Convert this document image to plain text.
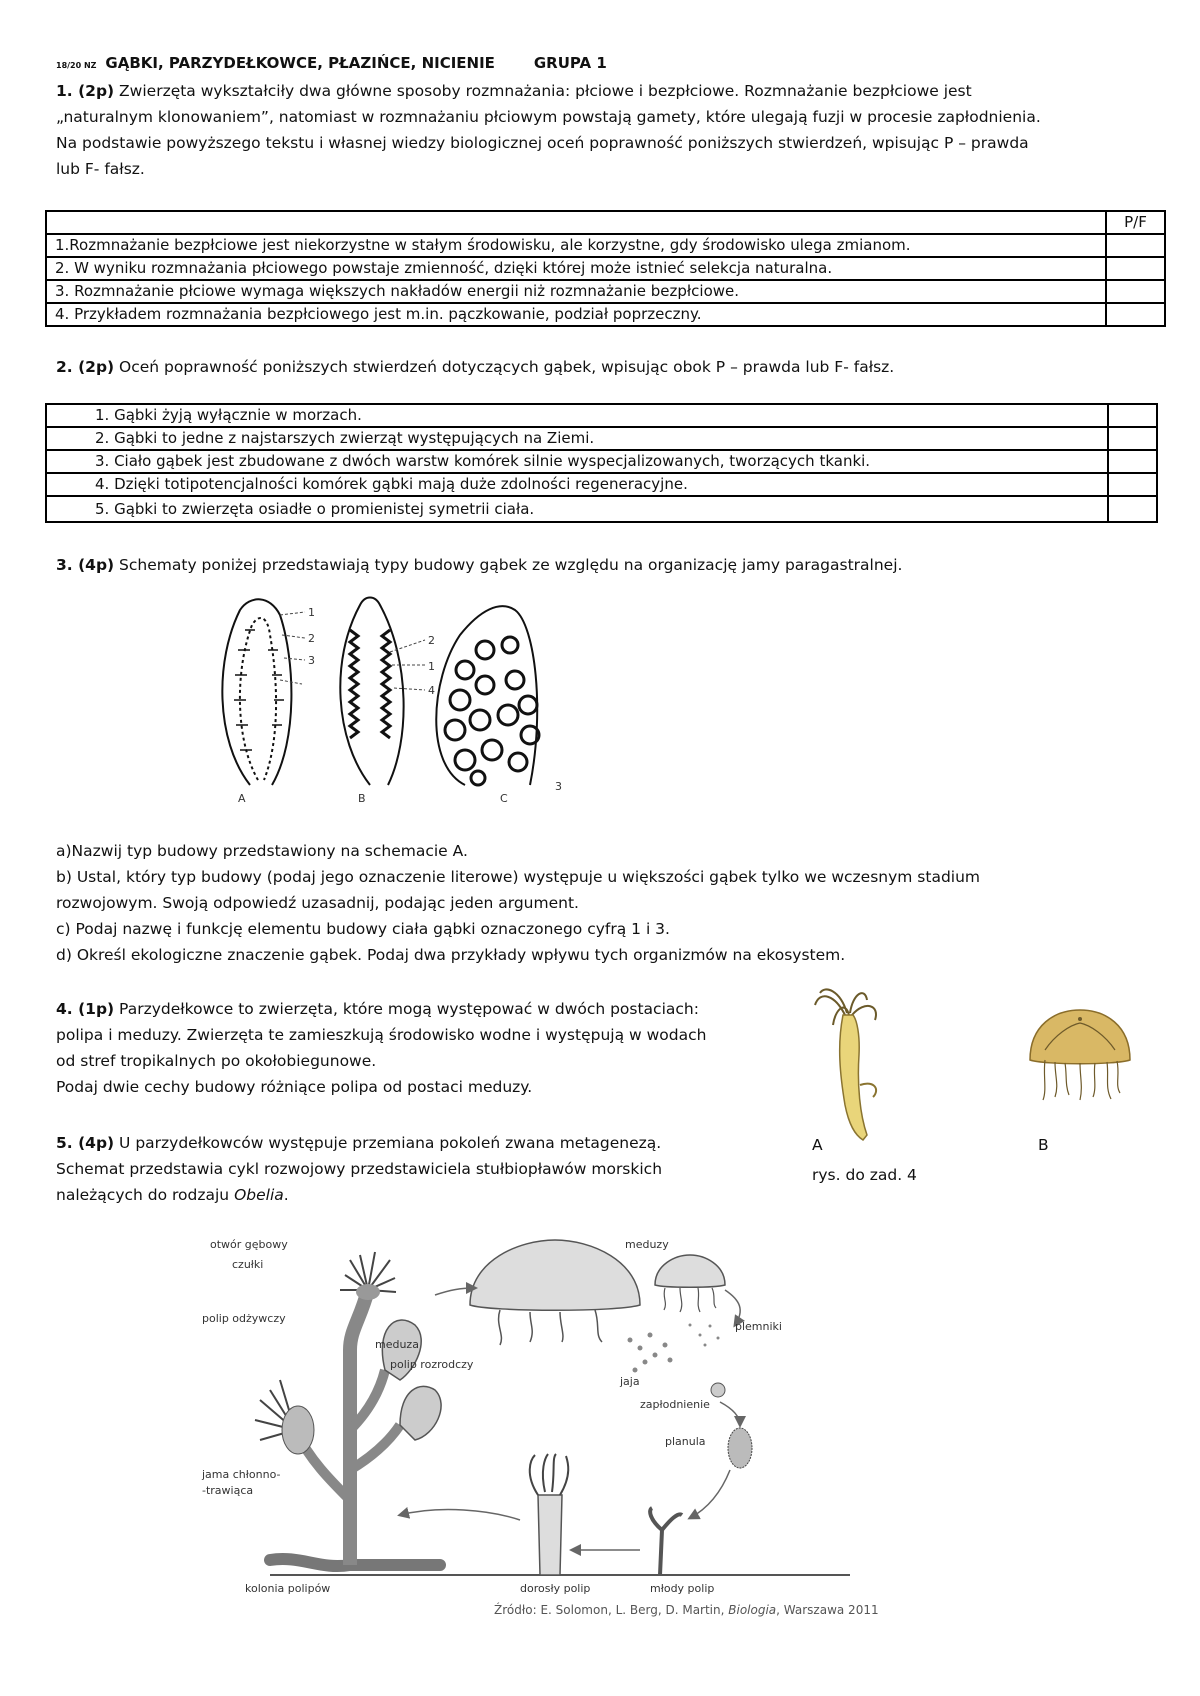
18/20 NZ GĄBKI, PARZYDEŁKOWCE, PŁAZIŃCE, NICIENIE	GRUPA 1
1. (2p) Zwierzęta wykształciły dwa główne sposoby rozmnażania: płciowe i bezpłciowe. Rozmnażanie bezpłciowe jest
„naturalnym klonowaniem”, natomiast w rozmnażaniu płciowym powstają gamety, które ulegają fuzji w procesie zapłodnienia.
Na podstawie powyższego tekstu i własnej wiedzy biologicznej oceń poprawność poniższych stwierdzeń, wpisując P – prawda
lub F- fałsz.
	P/F
1.Rozmnażanie bezpłciowe jest niekorzystne w stałym środowisku, ale korzystne, gdy środowisko ulega zmianom.	
2. W wyniku rozmnażania płciowego powstaje zmienność, dzięki której może istnieć selekcja naturalna.	
3. Rozmnażanie płciowe wymaga większych nakładów energii niż rozmnażanie bezpłciowe.	
4. Przykładem rozmnażania bezpłciowego jest m.in. pączkowanie, podział poprzeczny.	
2. (2p) Oceń poprawność poniższych stwierdzeń dotyczących gąbek, wpisując obok P – prawda lub F- fałsz.
1. Gąbki żyją wyłącznie w morzach.	
2. Gąbki to jedne z najstarszych zwierząt występujących na Ziemi.	
3. Ciało gąbek jest zbudowane z dwóch warstw komórek silnie wyspecjalizowanych, tworzących tkanki.	
4. Dzięki totipotencjalności komórek gąbki mają duże zdolności regeneracyjne.	
5. Gąbki to zwierzęta osiadłe o promienistej symetrii ciała.	
3. (4p) Schematy poniżej przedstawiają typy budowy gąbek ze względu na organizację jamy paragastralnej.
1
2
3
4
1
2
3
A	B	C
a)Nazwij typ budowy przedstawiony na schemacie A.
b) Ustal, który typ budowy (podaj jego oznaczenie literowe) występuje u większości gąbek tylko we wczesnym stadium
rozwojowym. Swoją odpowiedź uzasadnij, podając jeden argument.
c) Podaj nazwę i funkcję elementu budowy ciała gąbki oznaczonego cyfrą 1 i 3.
d) Określ ekologiczne znaczenie gąbek. Podaj dwa przykłady wpływu tych organizmów na ekosystem.
4. (1p) Parzydełkowce to zwierzęta, które mogą występować w dwóch postaciach:
polipa i meduzy. Zwierzęta te zamieszkują środowisko wodne i występują w wodach
od stref tropikalnych po okołobiegunowe.
Podaj dwie cechy budowy różniące polipa od postaci meduzy.
A	B
rys. do zad. 4
5. (4p) U parzydełkowców występuje przemiana pokoleń zwana metagenezą.
Schemat przedstawia cykl rozwojowy przedstawiciela stułbiopławów morskich
należących do rodzaju Obelia.
otwór gębowy
czułki
polip odżywczy
meduza
polip rozrodczy
jama chłonno-
-trawiąca
kolonia polipów
meduzy
plemniki
jaja
zapłodnienie
planula
dorosły polip	młody polip
Źródło: E. Solomon, L. Berg, D. Martin, Biologia, Warszawa 2011
